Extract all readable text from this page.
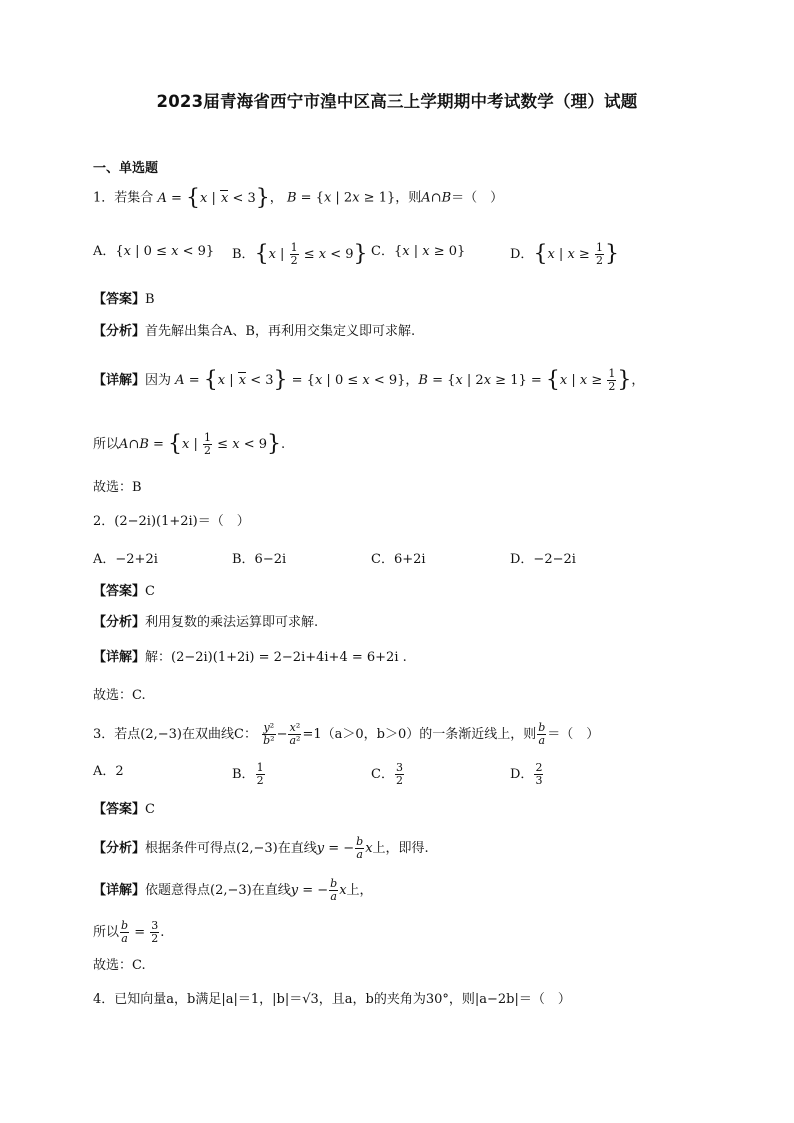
2023届青海省西宁市湟中区高三上学期期中考试数学（理）试题
一、单选题
1．若集合 A = {x | x < 3}， B = {x | 2x ≥ 1}，则A∩B＝（　）
A．{x | 0 ≤ x < 9} B．{x | $\frac{1}{2} \le x < 9$} C．{x | x ≥ 0}	D．{x | $x \ge \frac{1}{2}$ }
【答案】B
【分析】首先解出集合A、B，再利用交集定义即可求解.
【详解】因为 A = {x | x < 3} = {x | 0 ≤ x < 9}，B = {x | 2x ≥ 1} = {x | $x \ge \frac{1}{2}$ }，
所以A∩B = {x | $\frac{1}{2} \le x < 9$}.
故选：B
2．(2−2i)(1+2i)＝（　）
A．−2+2i	B．6−2i	C．6+2i	D．−2−2i
【答案】C
【分析】利用复数的乘法运算即可求解.
【详解】解：(2−2i)(1+2i) = 2−2i+4i+4 = 6+2i .
故选：C.
3．若点(2,−3)在双曲线C： $\frac{\text{y²}}{\text{b²}} - \frac{\text{x²}}{\text{a²}} =1(a>0$，b＞0）的一条渐近线上，则 $\frac{b}{a}$ ＝（　）
A．2	B． $\frac{1}{2}$	C． $\frac{3}{2}$	D． $\frac{2}{3}$
【答案】C
【分析】根据条件可得点(2,−3)在直线y = − $\frac{b}{a}$ x上，即得.
【详解】依题意得点(2,−3)在直线y = − $\frac{b}{a}$ x上，
所以 $\frac{b}{a} = \frac{3}{2}$ .
故选：C.
4．已知向量a，b满足|a|＝1，|b|＝√3，且a，b的夹角为30°，则|a−2b|＝（　）
